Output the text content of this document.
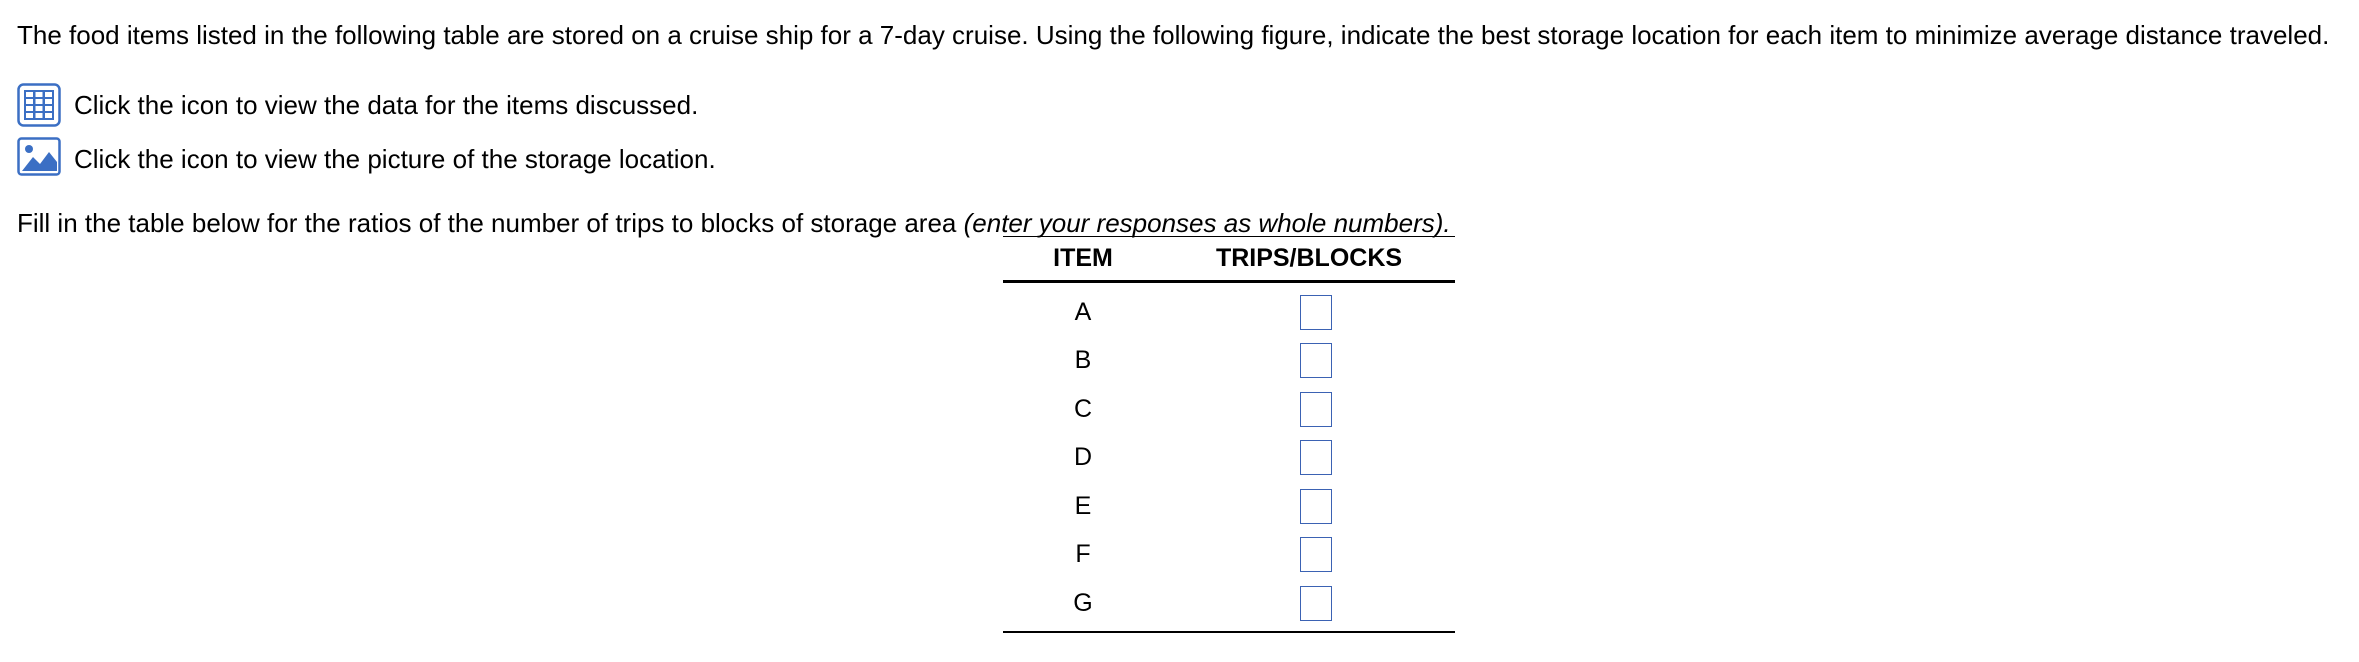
The food items listed in the following table are stored on a cruise ship for a 7-day cruise. Using the following figure, indicate the best storage location for each item to minimize average distance traveled.
Click the icon to view the data for the items discussed.
Click the icon to view the picture of the storage location.
Fill in the table below for the ratios of the number of trips to blocks of storage area (enter your responses as whole numbers).
ITEM	TRIPS/BLOCKS
A
B
C
D
E
F
G
